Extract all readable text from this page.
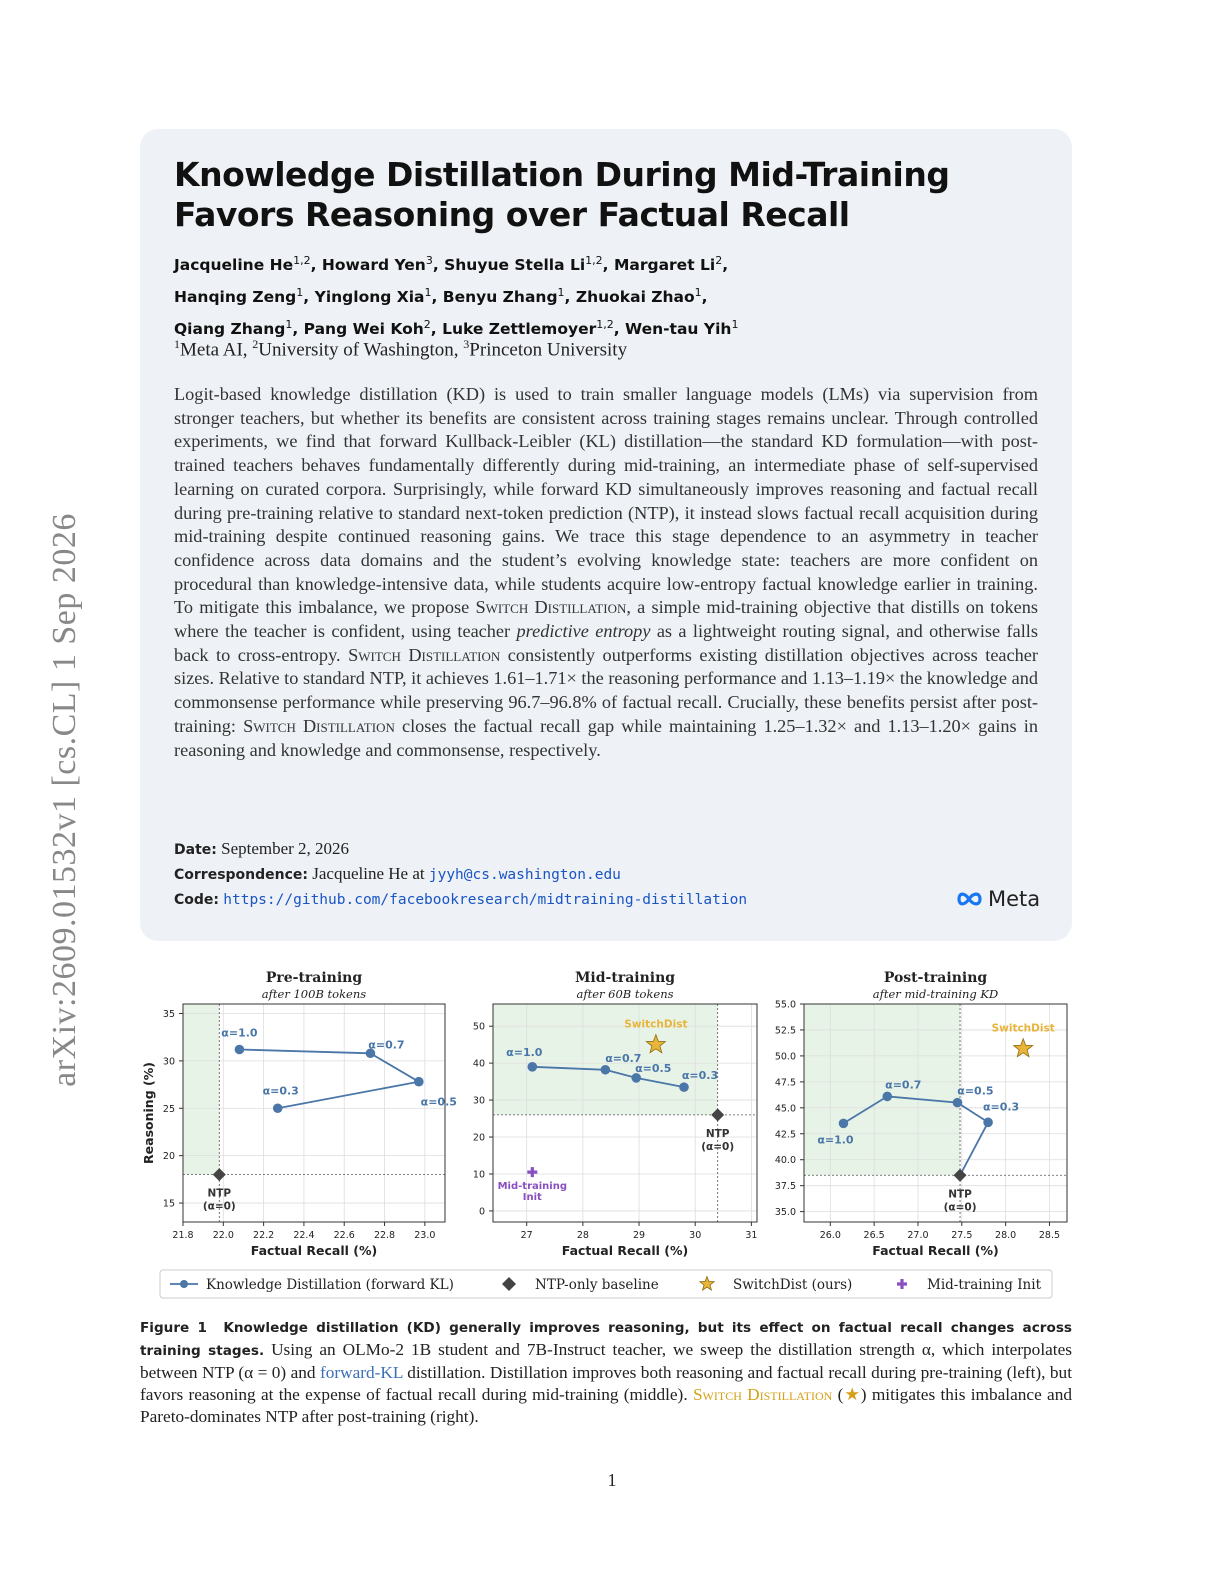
arXiv:2609.01532v1 [cs.CL] 1 Sep 2026
Knowledge Distillation During Mid-Training Favors Reasoning over Factual Recall
Jacqueline He$^{1,2}$, Howard Yen$^3$, Shuyue Stella Li$^{1,2}$, Margaret Li$^2$,
Hanqing Zeng$^1$, Yinglong Xia$^1$, Benyu Zhang$^1$, Zhuokai Zhao$^1$,
Qiang Zhang$^1$, Pang Wei Koh$^2$, Luke Zettlemoyer$^{1,2}$, Wen-tau Yih$^1$
$^1$Meta AI, $^2$University of Washington, $^3$Princeton University
Logit-based knowledge distillation (KD) is used to train smaller language models (LMs) via supervision from stronger teachers, but whether its benefits are consistent across training stages remains unclear. Through controlled experiments, we find that forward Kullback-Leibler (KL) distillation—the standard KD formulation—with post-trained teachers behaves fundamentally differently during mid-training, an intermediate phase of self-supervised learning on curated corpora. Surprisingly, while forward KD simultaneously improves reasoning and factual recall during pre-training relative to standard next-token prediction (NTP), it instead slows factual recall acquisition during mid-training despite continued reasoning gains. We trace this stage dependence to an asymmetry in teacher confidence across data domains and the student’s evolving knowledge state: teachers are more confident on procedural than knowledge-intensive data, while students acquire low-entropy factual knowledge earlier in training. To mitigate this imbalance, we propose Switch Distillation, a simple mid-training objective that distills on tokens where the teacher is confident, using teacher predictive entropy as a lightweight routing signal, and otherwise falls back to cross-entropy. Switch Distillation consistently outperforms existing distillation objectives across teacher sizes. Relative to standard NTP, it achieves 1.61–1.71× the reasoning performance and 1.13–1.19× the knowledge and commonsense performance while preserving 96.7–96.8% of factual recall. Crucially, these benefits persist after post-training: Switch Distillation closes the factual recall gap while maintaining 1.25–1.32× and 1.13–1.20× gains in reasoning and knowledge and commonsense, respectively.
Date: September 2, 2026
Correspondence: Jacqueline He at jyyh@cs.washington.edu
Code: https://github.com/facebookresearch/midtraining-distillation	Meta
21.8 22.0 22.2 22.4 22.6 22.8 23.0
15
20
25
30
35
Pre-training
after 100B tokens
Factual Recall (%)
Reasoning (%)
NTP
(α=0)
α=1.0
α=0.7
α=0.5
α=0.3
27	28	29	30	31
0
10
20
30
40
50
Mid-training
after 60B tokens
Factual Recall (%)
NTP
(α=0)
α=1.0	α=0.7
α=0.5
α=0.3
SwitchDist
Mid-training
Init
26.0 26.5 27.0 27.5 28.0 28.5
35.0
37.5
40.0
42.5
45.0
47.5
50.0
52.5
55.0
Post-training
after mid-training KD
Factual Recall (%)
NTP
(α=0)
α=1.0
α=0.7	α=0.5
α=0.3
SwitchDist
Knowledge Distillation (forward KL)	NTP-only baseline	SwitchDist (ours)	Mid-training Init
Figure 1 Knowledge distillation (KD) generally improves reasoning, but its effect on factual recall changes across training stages. Using an OLMo-2 1B student and 7B-Instruct teacher, we sweep the distillation strength α, which interpolates between NTP (α = 0) and forward-KL distillation. Distillation improves both reasoning and factual recall during pre-training (left), but favors reasoning at the expense of factual recall during mid-training (middle). Switch Distillation (★) mitigates this imbalance and Pareto-dominates NTP after post-training (right).
1
